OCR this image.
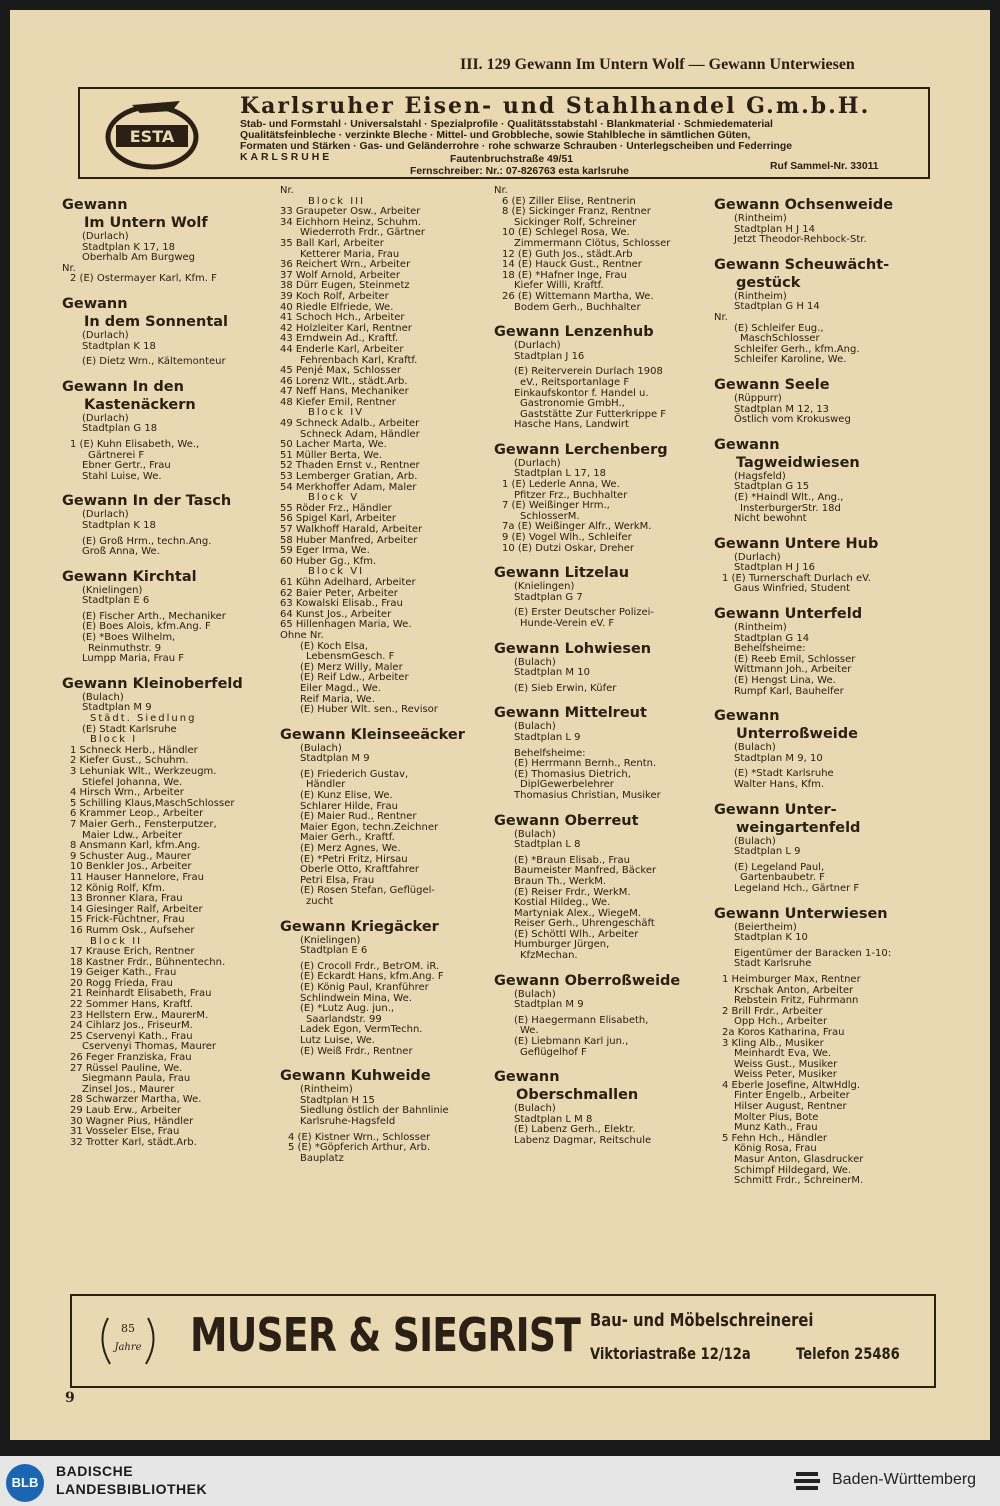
III. 129 Gewann Im Untern Wolf — Gewann Unterwiesen
ESTA
Karlsruher Eisen- und Stahlhandel G.m.b.H.
Stab- und Formstahl · Universalstahl · Spezialprofile · Qualitätsstabstahl · Blankmaterial · Schmiedematerial
Qualitätsfeinbleche · verzinkte Bleche · Mittel- und Grobbleche, sowie Stahlbleche in sämtlichen Güten,
Formaten und Stärken · Gas- und Geländerrohre · rohe schwarze Schrauben · Unterlegscheiben und Federringe
KARLSRUHE	Fautenbruchstraße 49/51
Ruf Sammel-Nr. 33011
Fernschreiber: Nr.: 07-826763 esta karlsruhe
Gewann
Im Untern Wolf
(Durlach)
Stadtplan K 17, 18
Oberhalb Am Burgweg
Nr.
2 (E) Ostermayer Karl, Kfm. F
Gewann
In dem Sonnental
(Durlach)
Stadtplan K 18
(E) Dietz Wrn., Kältemonteur
Gewann In den
Kastenäckern
(Durlach)
Stadtplan G 18
1 (E) Kuhn Elisabeth, We.,
Gärtnerei F
Ebner Gertr., Frau
Stahl Luise, We.
Gewann In der Tasch
(Durlach)
Stadtplan K 18
(E) Groß Hrm., techn.Ang.
Groß Anna, We.
Gewann Kirchtal
(Knielingen)
Stadtplan E 6
(E) Fischer Arth., Mechaniker
(E) Boes Alois, kfm.Ang. F
(E) *Boes Wilhelm,
Reinmuthstr. 9
Lumpp Maria, Frau F
Gewann Kleinoberfeld
(Bulach)
Stadtplan M 9
Städt. Siedlung
(E) Stadt Karlsruhe
Block I
1 Schneck Herb., Händler
2 Kiefer Gust., Schuhm.
3 Lehuniak Wlt., Werkzeugm.
Stiefel Johanna, We.
4 Hirsch Wrn., Arbeiter
5 Schilling Klaus,MaschSchlosser
6 Krammer Leop., Arbeiter
7 Maier Gerh., Fensterputzer,
Maier Ldw., Arbeiter
8 Ansmann Karl, kfm.Ang.
9 Schuster Aug., Maurer
10 Benkler Jos., Arbeiter
11 Hauser Hannelore, Frau
12 König Rolf, Kfm.
13 Bronner Klara, Frau
14 Giesinger Ralf, Arbeiter
15 Frick-Füchtner, Frau
16 Rumm Osk., Aufseher
Block II
17 Krause Erich, Rentner
18 Kastner Frdr., Bühnentechn.
19 Geiger Kath., Frau
20 Rogg Frieda, Frau
21 Reinhardt Elisabeth, Frau
22 Sommer Hans, Kraftf.
23 Hellstern Erw., MaurerM.
24 Cihlarz Jos., FriseurM.
25 Cservenyi Kath., Frau
Cservenyi Thomas, Maurer
26 Feger Franziska, Frau
27 Rüssel Pauline, We.
Siegmann Paula, Frau
Zinsel Jos., Maurer
28 Schwarzer Martha, We.
29 Laub Erw., Arbeiter
30 Wagner Pius, Händler
31 Vosseler Else, Frau
32 Trotter Karl, städt.Arb.
Nr.
Block III
33 Graupeter Osw., Arbeiter
34 Eichhorn Heinz, Schuhm.
Wiederroth Frdr., Gärtner
35 Ball Karl, Arbeiter
Ketterer Maria, Frau
36 Reichert Wrn., Arbeiter
37 Wolf Arnold, Arbeiter
38 Dürr Eugen, Steinmetz
39 Koch Rolf, Arbeiter
40 Riedle Elfriede, We.
41 Schoch Hch., Arbeiter
42 Holzleiter Karl, Rentner
43 Erndwein Ad., Kraftf.
44 Enderle Karl, Arbeiter
Fehrenbach Karl, Kraftf.
45 Penjé Max, Schlosser
46 Lorenz Wlt., städt.Arb.
47 Neff Hans, Mechaniker
48 Kiefer Emil, Rentner
Block IV
49 Schneck Adalb., Arbeiter
Schneck Adam, Händler
50 Lacher Marta, We.
51 Müller Berta, We.
52 Thaden Ernst v., Rentner
53 Lemberger Gratian, Arb.
54 Merkhoffer Adam, Maler
Block V
55 Röder Frz., Händler
56 Spigel Karl, Arbeiter
57 Walkhoff Harald, Arbeiter
58 Huber Manfred, Arbeiter
59 Eger Irma, We.
60 Huber Gg., Kfm.
Block VI
61 Kühn Adelhard, Arbeiter
62 Baier Peter, Arbeiter
63 Kowalski Elisab., Frau
64 Kunst Jos., Arbeiter
65 Hillenhagen Maria, We.
Ohne Nr.
(E) Koch Elsa,
LebensmGesch. F
(E) Merz Willy, Maler
(E) Reif Ldw., Arbeiter
Eiler Magd., We.
Reif Maria, We.
(E) Huber Wlt. sen., Revisor
Gewann Kleinseeäcker
(Bulach)
Stadtplan M 9
(E) Friederich Gustav,
Händler
(E) Kunz Elise, We.
Schlarer Hilde, Frau
(E) Maier Rud., Rentner
Maier Egon, techn.Zeichner
Maier Gerh., Kraftf.
(E) Merz Agnes, We.
(E) *Petri Fritz, Hirsau
Oberle Otto, Kraftfahrer
Petri Elsa, Frau
(E) Rosen Stefan, Geflügel-
zucht
Gewann Kriegäcker
(Knielingen)
Stadtplan E 6
(E) Crocoll Frdr., BetrOM. iR.
(E) Eckardt Hans, kfm.Ang. F
(E) König Paul, Kranführer
Schlindwein Mina, We.
(E) *Lutz Aug. jun.,
Saarlandstr. 99
Ladek Egon, VermTechn.
Lutz Luise, We.
(E) Weiß Frdr., Rentner
Gewann Kuhweide
(Rintheim)
Stadtplan H 15
Siedlung östlich der Bahnlinie
Karlsruhe-Hagsfeld
4 (E) Kistner Wrn., Schlosser
5 (E) *Göpferich Arthur, Arb.
Bauplatz
Nr.
6 (E) Ziller Elise, Rentnerin
8 (E) Sickinger Franz, Rentner
Sickinger Rolf, Schreiner
10 (E) Schlegel Rosa, We.
Zimmermann Clötus, Schlosser
12 (E) Guth Jos., städt.Arb
14 (E) Hauck Gust., Rentner
18 (E) *Hafner Inge, Frau
Kiefer Willi, Kraftf.
26 (E) Wittemann Martha, We.
Bodem Gerh., Buchhalter
Gewann Lenzenhub
(Durlach)
Stadtplan J 16
(E) Reiterverein Durlach 1908
eV., Reitsportanlage F
Einkaufskontor f. Handel u.
Gastronomie GmbH.,
Gaststätte Zur Futterkrippe F
Hasche Hans, Landwirt
Gewann Lerchenberg
(Durlach)
Stadtplan L 17, 18
1 (E) Lederle Anna, We.
Pfitzer Frz., Buchhalter
7 (E) Weißinger Hrm.,
SchlosserM.
7a (E) Weißinger Alfr., WerkM.
9 (E) Vogel Wlh., Schleifer
10 (E) Dutzi Oskar, Dreher
Gewann Litzelau
(Knielingen)
Stadtplan G 7
(E) Erster Deutscher Polizei-
Hunde-Verein eV. F
Gewann Lohwiesen
(Bulach)
Stadtplan M 10
(E) Sieb Erwin, Küfer
Gewann Mittelreut
(Bulach)
Stadtplan L 9
Behelfsheime:
(E) Herrmann Bernh., Rentn.
(E) Thomasius Dietrich,
DiplGewerbelehrer
Thomasius Christian, Musiker
Gewann Oberreut
(Bulach)
Stadtplan L 8
(E) *Braun Elisab., Frau
Baumeister Manfred, Bäcker
Braun Th., WerkM.
(E) Reiser Frdr., WerkM.
Kostial Hildeg., We.
Martyniak Alex., WiegeM.
Reiser Gerh., Uhrengeschäft
(E) Schöttl Wlh., Arbeiter
Humburger Jürgen,
KfzMechan.
Gewann Oberroßweide
(Bulach)
Stadtplan M 9
(E) Haegermann Elisabeth,
We.
(E) Liebmann Karl jun.,
Geflügelhof F
Gewann
Oberschmallen
(Bulach)
Stadtplan L M 8
(E) Labenz Gerh., Elektr.
Labenz Dagmar, Reitschule
Gewann Ochsenweide
(Rintheim)
Stadtplan H J 14
Jetzt Theodor-Rehbock-Str.
Gewann Scheuwächt-
gestück
(Rintheim)
Stadtplan G H 14
Nr.
(E) Schleifer Eug.,
MaschSchlosser
Schleifer Gerh., kfm.Ang.
Schleifer Karoline, We.
Gewann Seele
(Rüppurr)
Stadtplan M 12, 13
Östlich vom Krokusweg
Gewann
Tagweidwiesen
(Hagsfeld)
Stadtplan G 15
(E) *Haindl Wlt., Ang.,
InsterburgerStr. 18d
Nicht bewohnt
Gewann Untere Hub
(Durlach)
Stadtplan H J 16
1 (E) Turnerschaft Durlach eV.
Gaus Winfried, Student
Gewann Unterfeld
(Rintheim)
Stadtplan G 14
Behelfsheime:
(E) Reeb Emil, Schlosser
Wittmann Joh., Arbeiter
(E) Hengst Lina, We.
Rumpf Karl, Bauhelfer
Gewann
Unterroßweide
(Bulach)
Stadtplan M 9, 10
(E) *Stadt Karlsruhe
Walter Hans, Kfm.
Gewann Unter-
weingartenfeld
(Bulach)
Stadtplan L 9
(E) Legeland Paul,
Gartenbaubetr. F
Legeland Hch., Gärtner F
Gewann Unterwiesen
(Beiertheim)
Stadtplan K 10
Eigentümer der Baracken 1-10:
Stadt Karlsruhe
1 Heimburger Max, Rentner
Krschak Anton, Arbeiter
Rebstein Fritz, Fuhrmann
2 Brill Frdr., Arbeiter
Opp Hch., Arbeiter
2a Koros Katharina, Frau
3 Kling Alb., Musiker
Meinhardt Eva, We.
Weiss Gust., Musiker
Weiss Peter, Musiker
4 Eberle Josefine, AltwHdlg.
Finter Engelb., Arbeiter
Hilser August, Rentner
Molter Pius, Bote
Munz Kath., Frau
5 Fehn Hch., Händler
König Rosa, Frau
Masur Anton, Glasdrucker
Schimpf Hildegard, We.
Schmitt Frdr., SchreinerM.
85
Jahre MUSER & SIEGRIST Bau- und Möbelschreinerei
Viktoriastraße 12/12a	Telefon 25486
9
BLB
BADISCHE
LANDESBIBLIOTHEK
Baden-Württemberg
